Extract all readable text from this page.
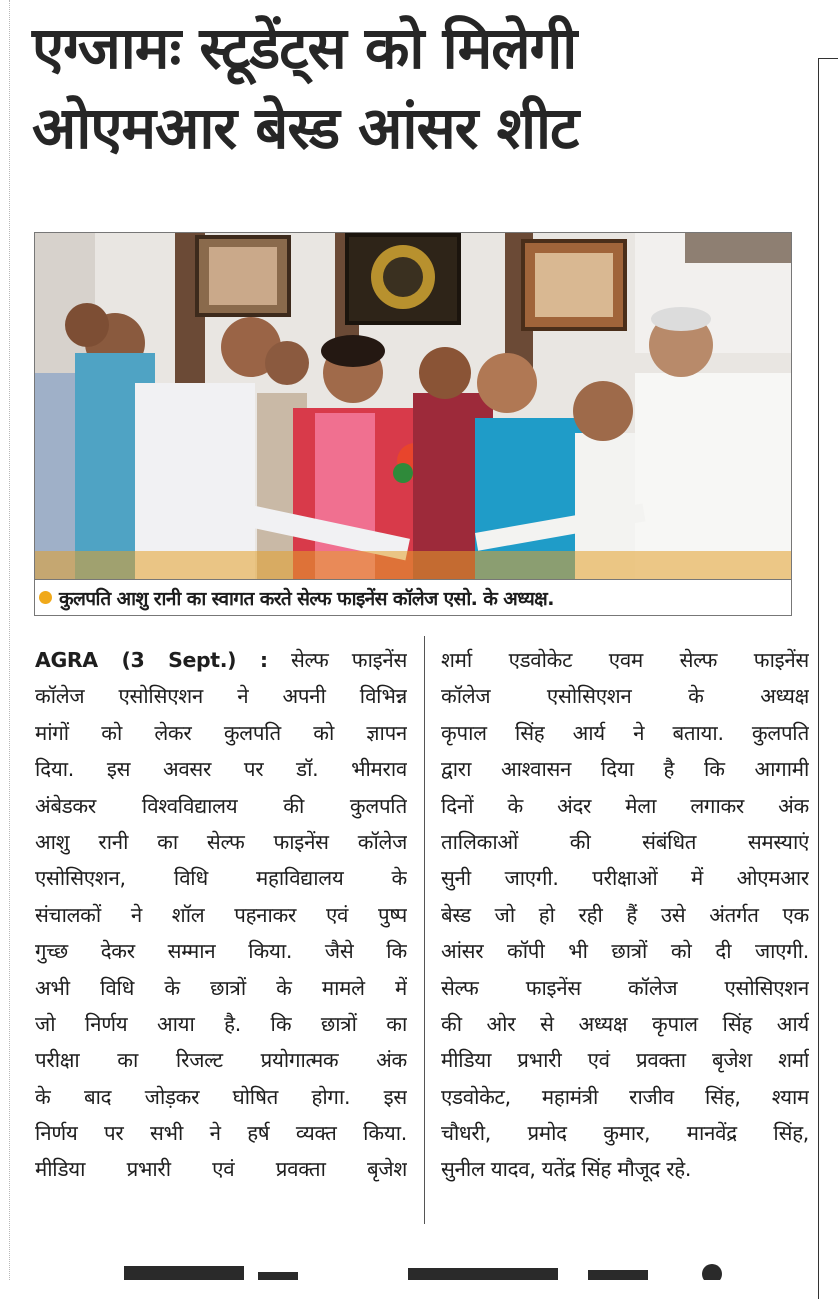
एग्जामः स्टूडेंट्स को मिलेगी
ओएमआर बेस्ड आंसर शीट
कुलपति आशु रानी का स्वागत करते सेल्फ फाइनेंस कॉलेज एसो. के अध्यक्ष.
AGRA (3 Sept.) : सेल्फ फाइनेंस
कॉलेज एसोसिएशन ने अपनी विभिन्न
मांगों को लेकर कुलपति को ज्ञापन
दिया. इस अवसर पर डॉ. भीमराव
अंबेडकर विश्वविद्यालय की कुलपति
आशु रानी का सेल्फ फाइनेंस कॉलेज
एसोसिएशन, विधि महाविद्यालय के
संचालकों ने शॉल पहनाकर एवं पुष्प
गुच्छ देकर सम्मान किया. जैसे कि
अभी विधि के छात्रों के मामले में
जो निर्णय आया है. कि छात्रों का
परीक्षा का रिजल्ट प्रयोगात्मक अंक
के बाद जोड़कर घोषित होगा. इस
निर्णय पर सभी ने हर्ष व्यक्त किया.
मीडिया प्रभारी एवं प्रवक्ता बृजेश
शर्मा एडवोकेट एवम सेल्फ फाइनेंस
कॉलेज एसोसिएशन के अध्यक्ष
कृपाल सिंह आर्य ने बताया. कुलपति
द्वारा आश्वासन दिया है कि आगामी
दिनों के अंदर मेला लगाकर अंक
तालिकाओं की संबंधित समस्याएं
सुनी जाएगी. परीक्षाओं में ओएमआर
बेस्ड जो हो रही हैं उसे अंतर्गत एक
आंसर कॉपी भी छात्रों को दी जाएगी.
सेल्फ फाइनेंस कॉलेज एसोसिएशन
की ओर से अध्यक्ष कृपाल सिंह आर्य
मीडिया प्रभारी एवं प्रवक्ता बृजेश शर्मा
एडवोकेट, महामंत्री राजीव सिंह, श्याम
चौधरी, प्रमोद कुमार, मानवेंद्र सिंह,
सुनील यादव, यतेंद्र सिंह मौजूद रहे.
